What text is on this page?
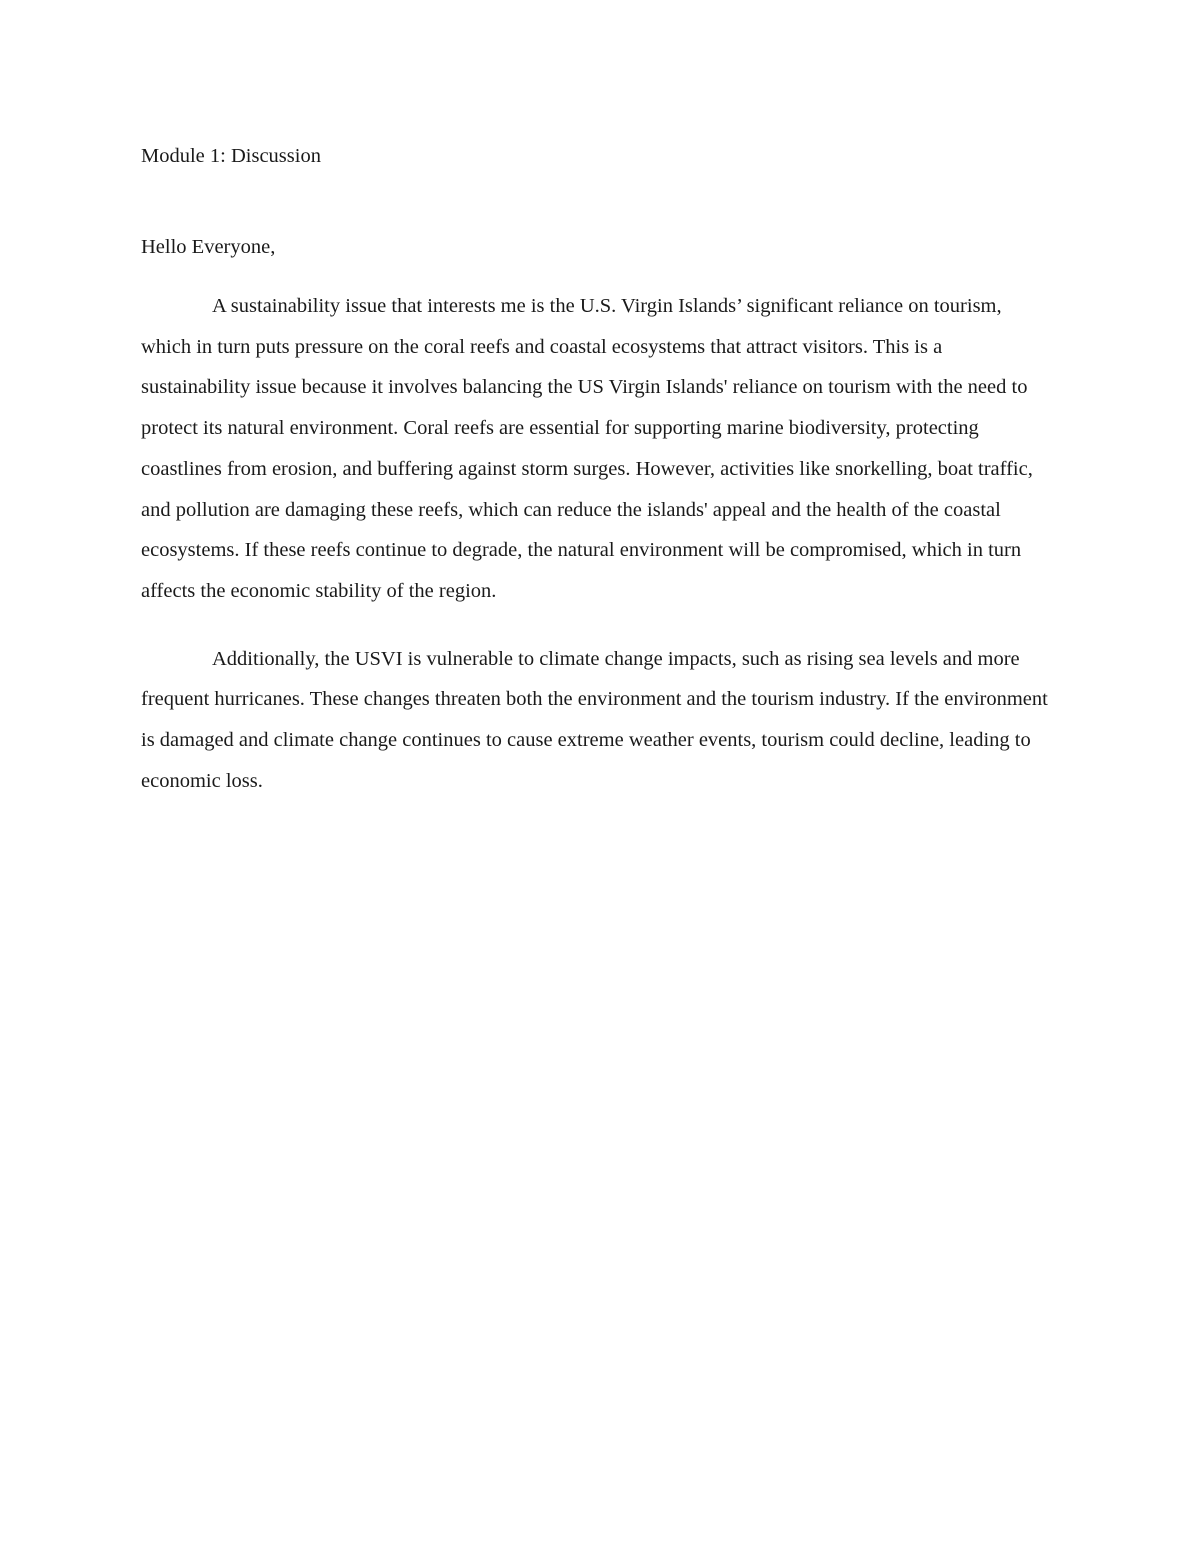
Module 1: Discussion

Hello Everyone,

A sustainability issue that interests me is the U.S. Virgin Islands’ significant reliance on tourism, which in turn puts pressure on the coral reefs and coastal ecosystems that attract visitors. This is a sustainability issue because it involves balancing the US Virgin Islands' reliance on tourism with the need to protect its natural environment. Coral reefs are essential for supporting marine biodiversity, protecting coastlines from erosion, and buffering against storm surges. However, activities like snorkelling, boat traffic, and pollution are damaging these reefs, which can reduce the islands' appeal and the health of the coastal ecosystems. If these reefs continue to degrade, the natural environment will be compromised, which in turn affects the economic stability of the region.

Additionally, the USVI is vulnerable to climate change impacts, such as rising sea levels and more frequent hurricanes. These changes threaten both the environment and the tourism industry. If the environment is damaged and climate change continues to cause extreme weather events, tourism could decline, leading to economic loss.
